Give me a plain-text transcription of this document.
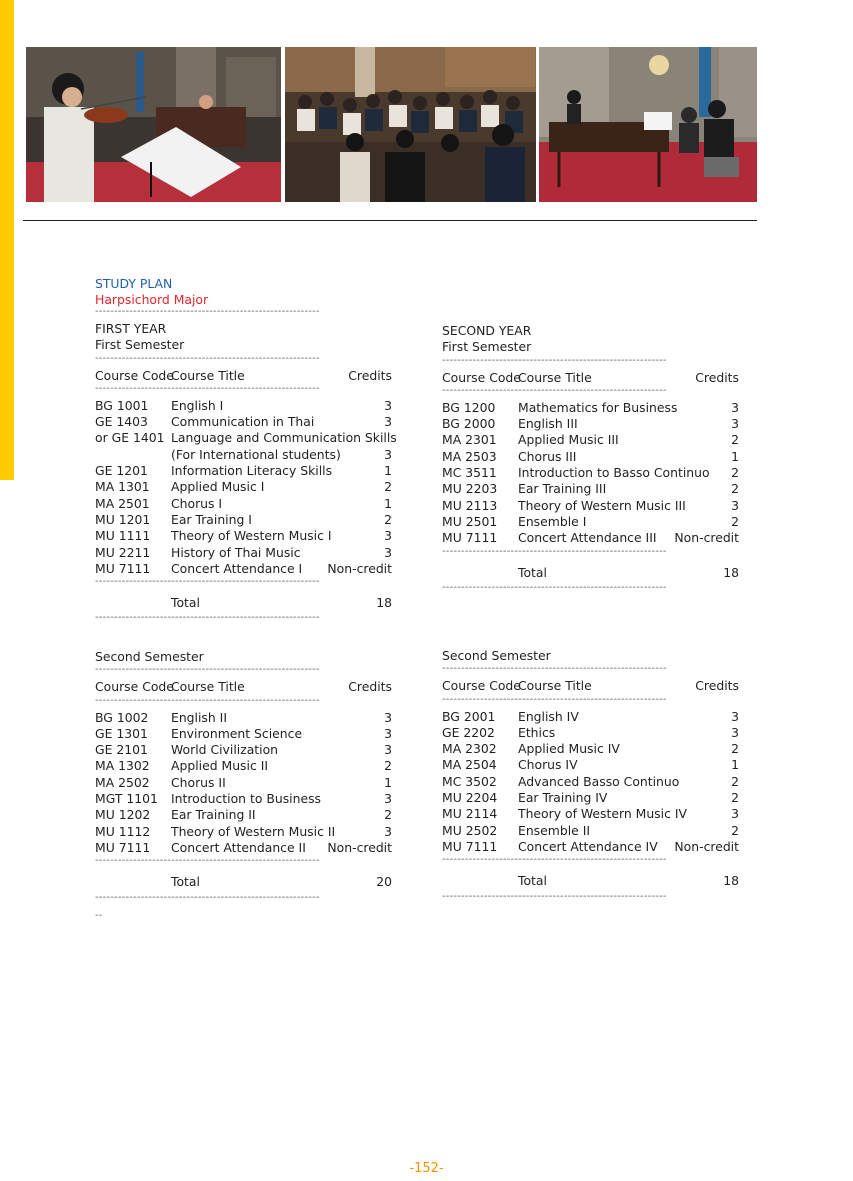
STUDY PLAN
Harpsichord Major
-----------------------------------------------------------
FIRST YEAR
First Semester
-----------------------------------------------------------
Course Code
Course Title	Credits
-----------------------------------------------------------
BG 1001 English I	3
GE 1403 Communication in Thai	3
or GE 1401 Language and Communication Skills
(For International students)	3
GE 1201 Information Literacy Skills	1
MA 1301 Applied Music I	2
MA 2501 Chorus I	1
MU 1201 Ear Training I	2
MU 1111 Theory of Western Music I	3
MU 2211 History of Thai Music	3
MU 7111 Concert Attendance I Non-credit
-----------------------------------------------------------
Total	18
-----------------------------------------------------------
Second Semester
-----------------------------------------------------------
Course Code
Course Title	Credits
-----------------------------------------------------------
BG 1002 English II	3
GE 1301 Environment Science	3
GE 2101 World Civilization	3
MA 1302 Applied Music II	2
MA 2502 Chorus II	1
MGT 1101 Introduction to Business	3
MU 1202 Ear Training II	2
MU 1112 Theory of Western Music II	3
MU 7111 Concert Attendance II Non-credit
-----------------------------------------------------------
Total	20
-----------------------------------------------------------
--
SECOND YEAR
First Semester
-----------------------------------------------------------
Course Code
Course Title	Credits
-----------------------------------------------------------
BG 1200 Mathematics for Business	3
BG 2000 English III	3
MA 2301 Applied Music III	2
MA 2503 Chorus III	1
MC 3511 Introduction to Basso Continuo 2
MU 2203 Ear Training III	2
MU 2113 Theory of Western Music III	3
MU 2501 Ensemble I	2
MU 7111 Concert Attendance III Non-credit
-----------------------------------------------------------
Total	18
-----------------------------------------------------------
Second Semester
-----------------------------------------------------------
Course Code
Course Title	Credits
-----------------------------------------------------------
BG 2001 English IV	3
GE 2202 Ethics	3
MA 2302 Applied Music IV	2
MA 2504 Chorus IV	1
MC 3502 Advanced Basso Continuo	2
MU 2204 Ear Training IV	2
MU 2114 Theory of Western Music IV	3
MU 2502 Ensemble II	2
MU 7111 Concert Attendance IV Non-credit
-----------------------------------------------------------
Total	18
-----------------------------------------------------------
-152-
